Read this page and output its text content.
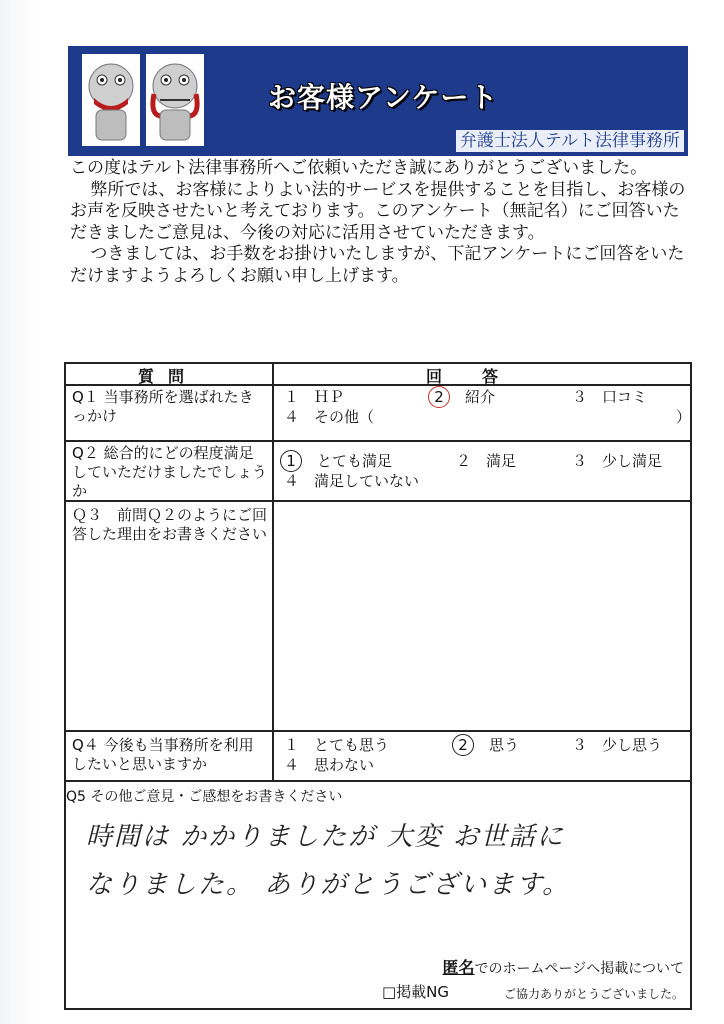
お客様アンケート
弁護士法人テルト法律事務所

この度はテルト法律事務所へご依頼いただき誠にありがとうございました。

弊所では、お客様によりよい法的サービスを提供することを目指し、お客様のお声を反映させたいと考えております。このアンケート（無記名）にご回答いただきましたご意見は、今後の対応に活用させていただきます。

つきましては、お手数をお掛けいたしますが、下記アンケートにご回答をいただけますようよろしくお願い申し上げます。

質問	回答
Q１ 当事務所を選ばれたきっかけ
１　ＨＰ	2　 紹介	３　口コミ
４　その他（	）
Q２ 総合的にどの程度満足していただけましたでしょうか
1　 とても満足	２　満足	３　少し満足
４　満足していない
Ｑ３　前問Ｑ２のようにご回答した理由をお書きください
Q４ 今後も当事務所を利用したいと思いますか
１　とても思う	2　 思う	３　少し思う
４　思わない
Q5 その他ご意見・ご感想をお書きください
時間は かかりましたが 大変 お世話に
なりました。 ありがとうございます。
匿名でのホームページへ掲載について
□掲載NG	ご協力ありがとうございました。
